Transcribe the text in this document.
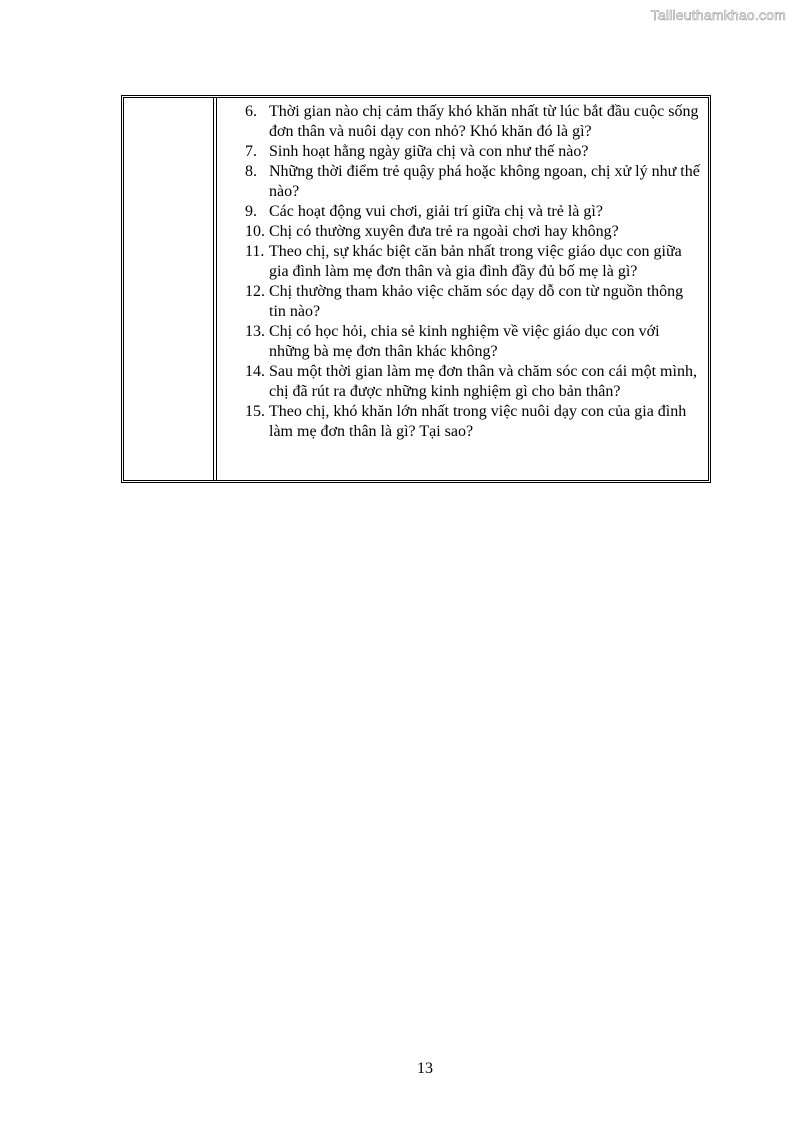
Tailieuthamkhao.com
6. Thời gian nào chị cảm thấy khó khăn nhất từ lúc bắt đầu cuộc sống đơn thân và nuôi dạy con nhỏ? Khó khăn đó là gì?
7. Sinh hoạt hằng ngày giữa chị và con như thế nào?
8. Những thời điểm trẻ quậy phá hoặc không ngoan, chị xử lý như thế nào?
9. Các hoạt động vui chơi, giải trí giữa chị và trẻ là gì?
10. Chị có thường xuyên đưa trẻ ra ngoài chơi hay không?
11. Theo chị, sự khác biệt căn bản nhất trong việc giáo dục con giữa gia đình làm mẹ đơn thân và gia đình đầy đủ bố mẹ là gì?
12. Chị thường tham khảo việc chăm sóc dạy dỗ con từ nguồn thông tin nào?
13. Chị có học hỏi, chia sẻ kinh nghiệm về việc giáo dục con với những bà mẹ đơn thân khác không?
14. Sau một thời gian làm mẹ đơn thân và chăm sóc con cái một mình, chị đã rút ra được những kinh nghiệm gì cho bản thân?
15. Theo chị, khó khăn lớn nhất trong việc nuôi dạy con của gia đình làm mẹ đơn thân là gì? Tại sao?
13
